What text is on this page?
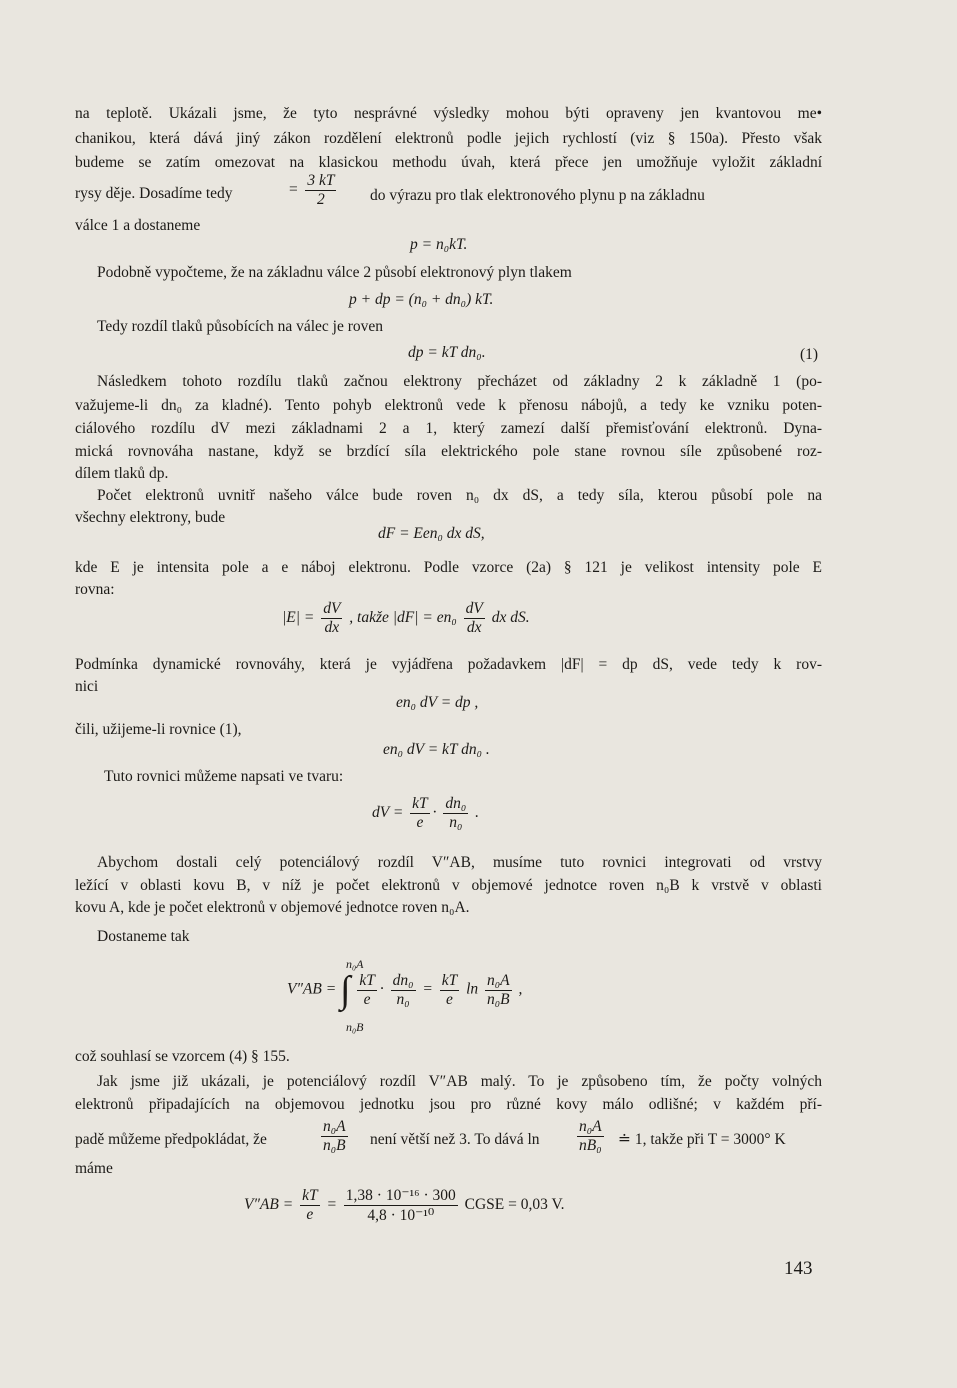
na teplotě. Ukázali jsme, že tyto nesprávné výsledky mohou býti opraveny jen kvantovou me•
chanikou, která dává jiný zákon rozdělení elektronů podle jejich rychlostí (viz § 150a). Přesto však
budeme se zatím omezovat na klasickou methodu úvah, která přece jen umožňuje vyložit základní
rysy děje. Dosadíme tedy	= $\frac{3 kT}{2}$ do výrazu pro tlak elektronového plynu p na základnu
válce 1 a dostaneme
p = n₀kT.
Podobně vypočteme, že na základnu válce 2 působí elektronový plyn tlakem
p + dp = (n₀ + dn₀) kT.
Tedy rozdíl tlaků působících na válec je roven
dp = kT dn₀.	(1)
Následkem tohoto rozdílu tlaků začnou elektrony přecházet od základny 2 k základně 1 (po-
važujeme-li dn₀ za kladné). Tento pohyb elektronů vede k přenosu nábojů, a tedy ke vzniku poten-
ciálového rozdílu dV mezi základnami 2 a 1, který zamezí další přemisťování elektronů. Dyna-
mická rovnováha nastane, když se brzdící síla elektrického pole stane rovnou síle způsobené roz-
dílem tlaků dp.
Počet elektronů uvnitř našeho válce bude roven n₀ dx dS, a tedy síla, kterou působí pole na
všechny elektrony, bude
dF = Een₀ dx dS,
kde E je intensita pole a e náboj elektronu. Podle vzorce (2a) § 121 je velikost intensity pole E
rovna:
$|E| = \frac{dV}{dx}$ , takže $|dF| = en_0 \frac{dV}{dx}$ dx dS.
Podmínka dynamické rovnováhy, která je vyjádřena požadavkem |dF| = dp dS, vede tedy k rov-
nici
en₀ dV = dp ,
čili, užijeme-li rovnice (1),
en₀ dV = kT dn₀ .
Tuto rovnici můžeme napsati ve tvaru:
dV = $\frac{kT}{e} \cdot \frac{\text{dn₀}}{\text{n₀}}$ .
Abychom dostali celý potenciálový rozdíl V″AB, musíme tuto rovnici integrovati od vrstvy
ležící v oblasti kovu B, v níž je počet elektronů v objemové jednotce roven n₀B k vrstvě v oblasti
kovu A, kde je počet elektronů v objemové jednotce roven n₀A.
Dostaneme tak
n₀A
n₀B
V″AB = ∫ $\frac{kT}{e} \cdot \frac{\text{dn₀}}{\text{n₀}} = \frac{kT}{e}$ $\ln \frac{\text{n₀A}}{\text{n₀B}}$ ,
což souhlasí se vzorcem (4) § 155.
Jak jsme již ukázali, je potenciálový rozdíl V″AB malý. To je způsobeno tím, že počty volných
elektronů připadajících na objemovou jednotku jsou pro různé kovy málo odlišné; v každém pří-
padě můžeme předpokládat, že	$\frac{\text{n₀A}}{\text{n₀B}}$ není větší než 3. To dává $\ln \frac{\text{n₀A}}{\text{nB₀}}$ ≐ 1, takže při T = 3000° K
máme
$V''AB = \frac{kT}{e} = \frac{\text{1,38 · 10⁻¹⁶ · 300}}{\text{4,8 · 10⁻¹⁰}}$ CGSE = 0,03 V.
143
